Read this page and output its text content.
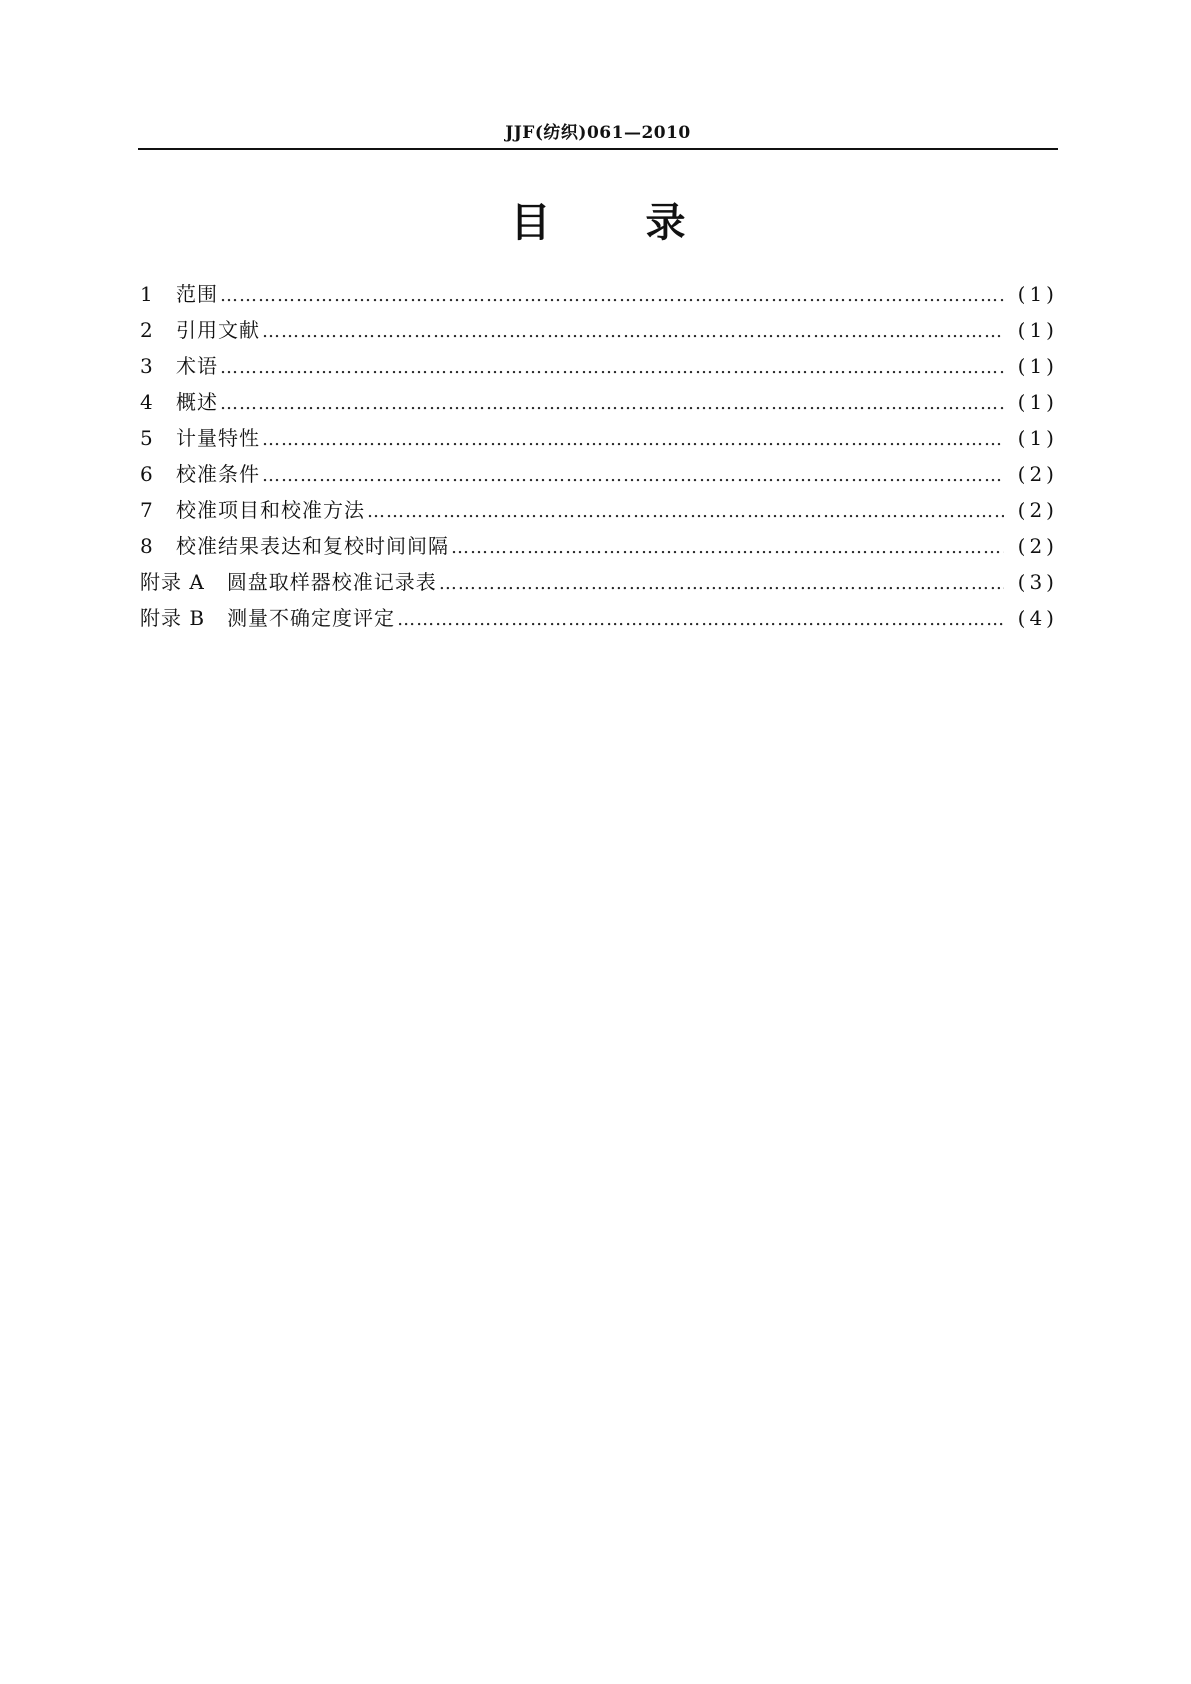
JJF(纺织)061—2010
目 录
1	范围 ……………………………………………………………………………………………………………………………………………………………………………………………………	(1)
2	引用文献 ……………………………………………………………………………………………………………………………………………………………………………………………………	(1)
3	术语 ……………………………………………………………………………………………………………………………………………………………………………………………………	(1)
4	概述 ……………………………………………………………………………………………………………………………………………………………………………………………………	(1)
5	计量特性 ……………………………………………………………………………………………………………………………………………………………………………………………………	(1)
6	校准条件 ……………………………………………………………………………………………………………………………………………………………………………………………………	(2)
7	校准项目和校准方法 ……………………………………………………………………………………………………………………………………………………………………………………………………	(2)
8	校准结果表达和复校时间间隔 ……………………………………………………………………………………………………………………………………………………………………………………………………	(2)
附录 A 圆盘取样器校准记录表 ……………………………………………………………………………………………………………………………………………………………………………………………………	(3)
附录 B 测量不确定度评定 ……………………………………………………………………………………………………………………………………………………………………………………………………	(4)
